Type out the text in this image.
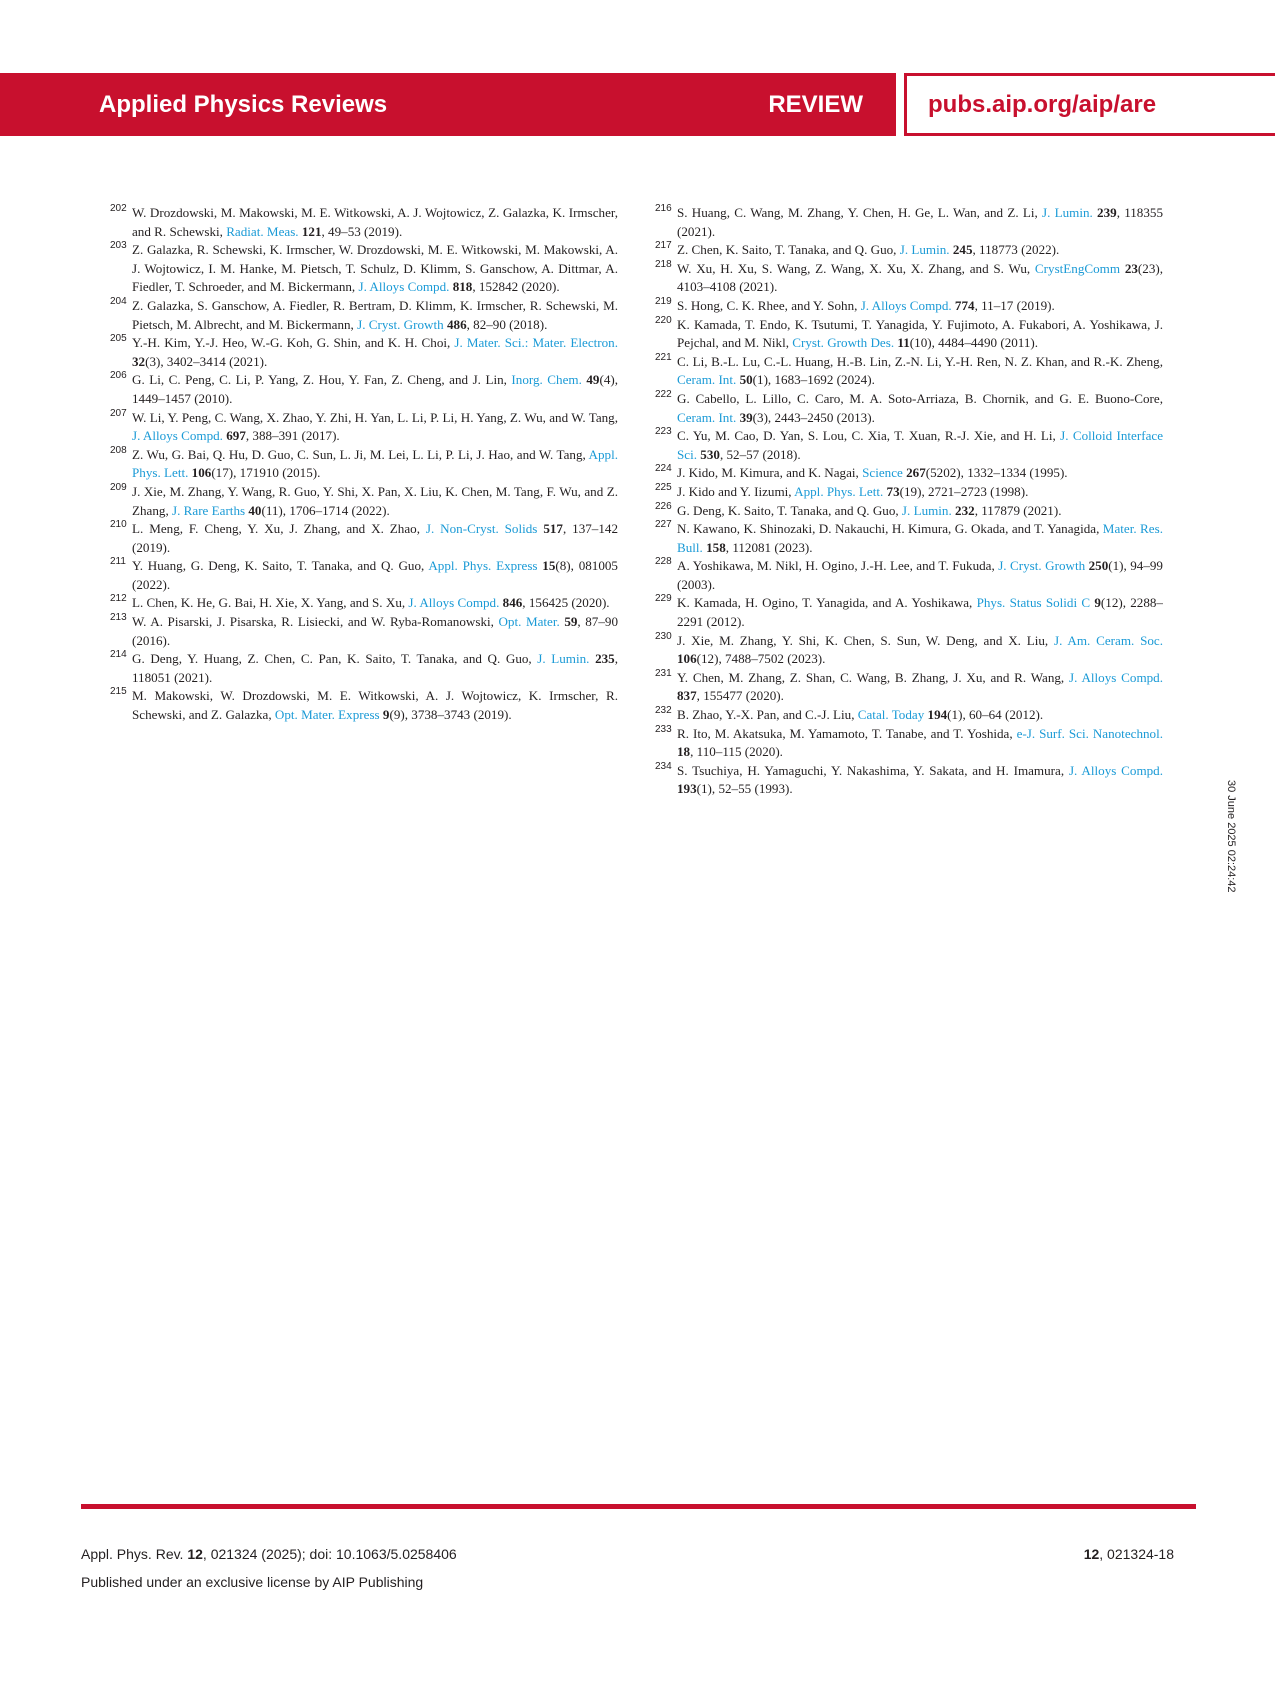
Applied Physics Reviews	REVIEW	pubs.aip.org/aip/are

202 W. Drozdowski, M. Makowski, M. E. Witkowski, A. J. Wojtowicz, Z. Galazka, K. Irmscher, and R. Schewski, Radiat. Meas. 121, 49–53 (2019).

203 Z. Galazka, R. Schewski, K. Irmscher, W. Drozdowski, M. E. Witkowski, M. Makowski, A. J. Wojtowicz, I. M. Hanke, M. Pietsch, T. Schulz, D. Klimm, S. Ganschow, A. Dittmar, A. Fiedler, T. Schroeder, and M. Bickermann, J. Alloys Compd. 818, 152842 (2020).

204 Z. Galazka, S. Ganschow, A. Fiedler, R. Bertram, D. Klimm, K. Irmscher, R. Schewski, M. Pietsch, M. Albrecht, and M. Bickermann, J. Cryst. Growth 486, 82–90 (2018).

205 Y.-H. Kim, Y.-J. Heo, W.-G. Koh, G. Shin, and K. H. Choi, J. Mater. Sci.: Mater. Electron. 32(3), 3402–3414 (2021).

206 G. Li, C. Peng, C. Li, P. Yang, Z. Hou, Y. Fan, Z. Cheng, and J. Lin, Inorg. Chem. 49(4), 1449–1457 (2010).

207 W. Li, Y. Peng, C. Wang, X. Zhao, Y. Zhi, H. Yan, L. Li, P. Li, H. Yang, Z. Wu, and W. Tang, J. Alloys Compd. 697, 388–391 (2017).

208 Z. Wu, G. Bai, Q. Hu, D. Guo, C. Sun, L. Ji, M. Lei, L. Li, P. Li, J. Hao, and W. Tang, Appl. Phys. Lett. 106(17), 171910 (2015).

209 J. Xie, M. Zhang, Y. Wang, R. Guo, Y. Shi, X. Pan, X. Liu, K. Chen, M. Tang, F. Wu, and Z. Zhang, J. Rare Earths 40(11), 1706–1714 (2022).

210 L. Meng, F. Cheng, Y. Xu, J. Zhang, and X. Zhao, J. Non-Cryst. Solids 517, 137–142 (2019).

211 Y. Huang, G. Deng, K. Saito, T. Tanaka, and Q. Guo, Appl. Phys. Express 15(8), 081005 (2022).

212 L. Chen, K. He, G. Bai, H. Xie, X. Yang, and S. Xu, J. Alloys Compd. 846, 156425 (2020).

213 W. A. Pisarski, J. Pisarska, R. Lisiecki, and W. Ryba-Romanowski, Opt. Mater. 59, 87–90 (2016).

214 G. Deng, Y. Huang, Z. Chen, C. Pan, K. Saito, T. Tanaka, and Q. Guo, J. Lumin. 235, 118051 (2021).

215 M. Makowski, W. Drozdowski, M. E. Witkowski, A. J. Wojtowicz, K. Irmscher, R. Schewski, and Z. Galazka, Opt. Mater. Express 9(9), 3738–3743 (2019).

216 S. Huang, C. Wang, M. Zhang, Y. Chen, H. Ge, L. Wan, and Z. Li, J. Lumin. 239, 118355 (2021).

217 Z. Chen, K. Saito, T. Tanaka, and Q. Guo, J. Lumin. 245, 118773 (2022).

218 W. Xu, H. Xu, S. Wang, Z. Wang, X. Xu, X. Zhang, and S. Wu, CrystEngComm 23(23), 4103–4108 (2021).

219 S. Hong, C. K. Rhee, and Y. Sohn, J. Alloys Compd. 774, 11–17 (2019).

220 K. Kamada, T. Endo, K. Tsutumi, T. Yanagida, Y. Fujimoto, A. Fukabori, A. Yoshikawa, J. Pejchal, and M. Nikl, Cryst. Growth Des. 11(10), 4484–4490 (2011).

221 C. Li, B.-L. Lu, C.-L. Huang, H.-B. Lin, Z.-N. Li, Y.-H. Ren, N. Z. Khan, and R.-K. Zheng, Ceram. Int. 50(1), 1683–1692 (2024).

222 G. Cabello, L. Lillo, C. Caro, M. A. Soto-Arriaza, B. Chornik, and G. E. Buono-Core, Ceram. Int. 39(3), 2443–2450 (2013).

223 C. Yu, M. Cao, D. Yan, S. Lou, C. Xia, T. Xuan, R.-J. Xie, and H. Li, J. Colloid Interface Sci. 530, 52–57 (2018).

224 J. Kido, M. Kimura, and K. Nagai, Science 267(5202), 1332–1334 (1995).

225 J. Kido and Y. Iizumi, Appl. Phys. Lett. 73(19), 2721–2723 (1998).

226 G. Deng, K. Saito, T. Tanaka, and Q. Guo, J. Lumin. 232, 117879 (2021).

227 N. Kawano, K. Shinozaki, D. Nakauchi, H. Kimura, G. Okada, and T. Yanagida, Mater. Res. Bull. 158, 112081 (2023).

228 A. Yoshikawa, M. Nikl, H. Ogino, J.-H. Lee, and T. Fukuda, J. Cryst. Growth 250(1), 94–99 (2003).

229 K. Kamada, H. Ogino, T. Yanagida, and A. Yoshikawa, Phys. Status Solidi C 9(12), 2288–2291 (2012).

230 J. Xie, M. Zhang, Y. Shi, K. Chen, S. Sun, W. Deng, and X. Liu, J. Am. Ceram. Soc. 106(12), 7488–7502 (2023).

231 Y. Chen, M. Zhang, Z. Shan, C. Wang, B. Zhang, J. Xu, and R. Wang, J. Alloys Compd. 837, 155477 (2020).

232 B. Zhao, Y.-X. Pan, and C.-J. Liu, Catal. Today 194(1), 60–64 (2012).

233 R. Ito, M. Akatsuka, M. Yamamoto, T. Tanabe, and T. Yoshida, e-J. Surf. Sci. Nanotechnol. 18, 110–115 (2020).

234 S. Tsuchiya, H. Yamaguchi, Y. Nakashima, Y. Sakata, and H. Imamura, J. Alloys Compd. 193(1), 52–55 (1993).	30 June 2025 02:24:42
Appl. Phys. Rev. 12, 021324 (2025); doi: 10.1063/5.0258406
Published under an exclusive license by AIP Publishing
12, 021324-18
